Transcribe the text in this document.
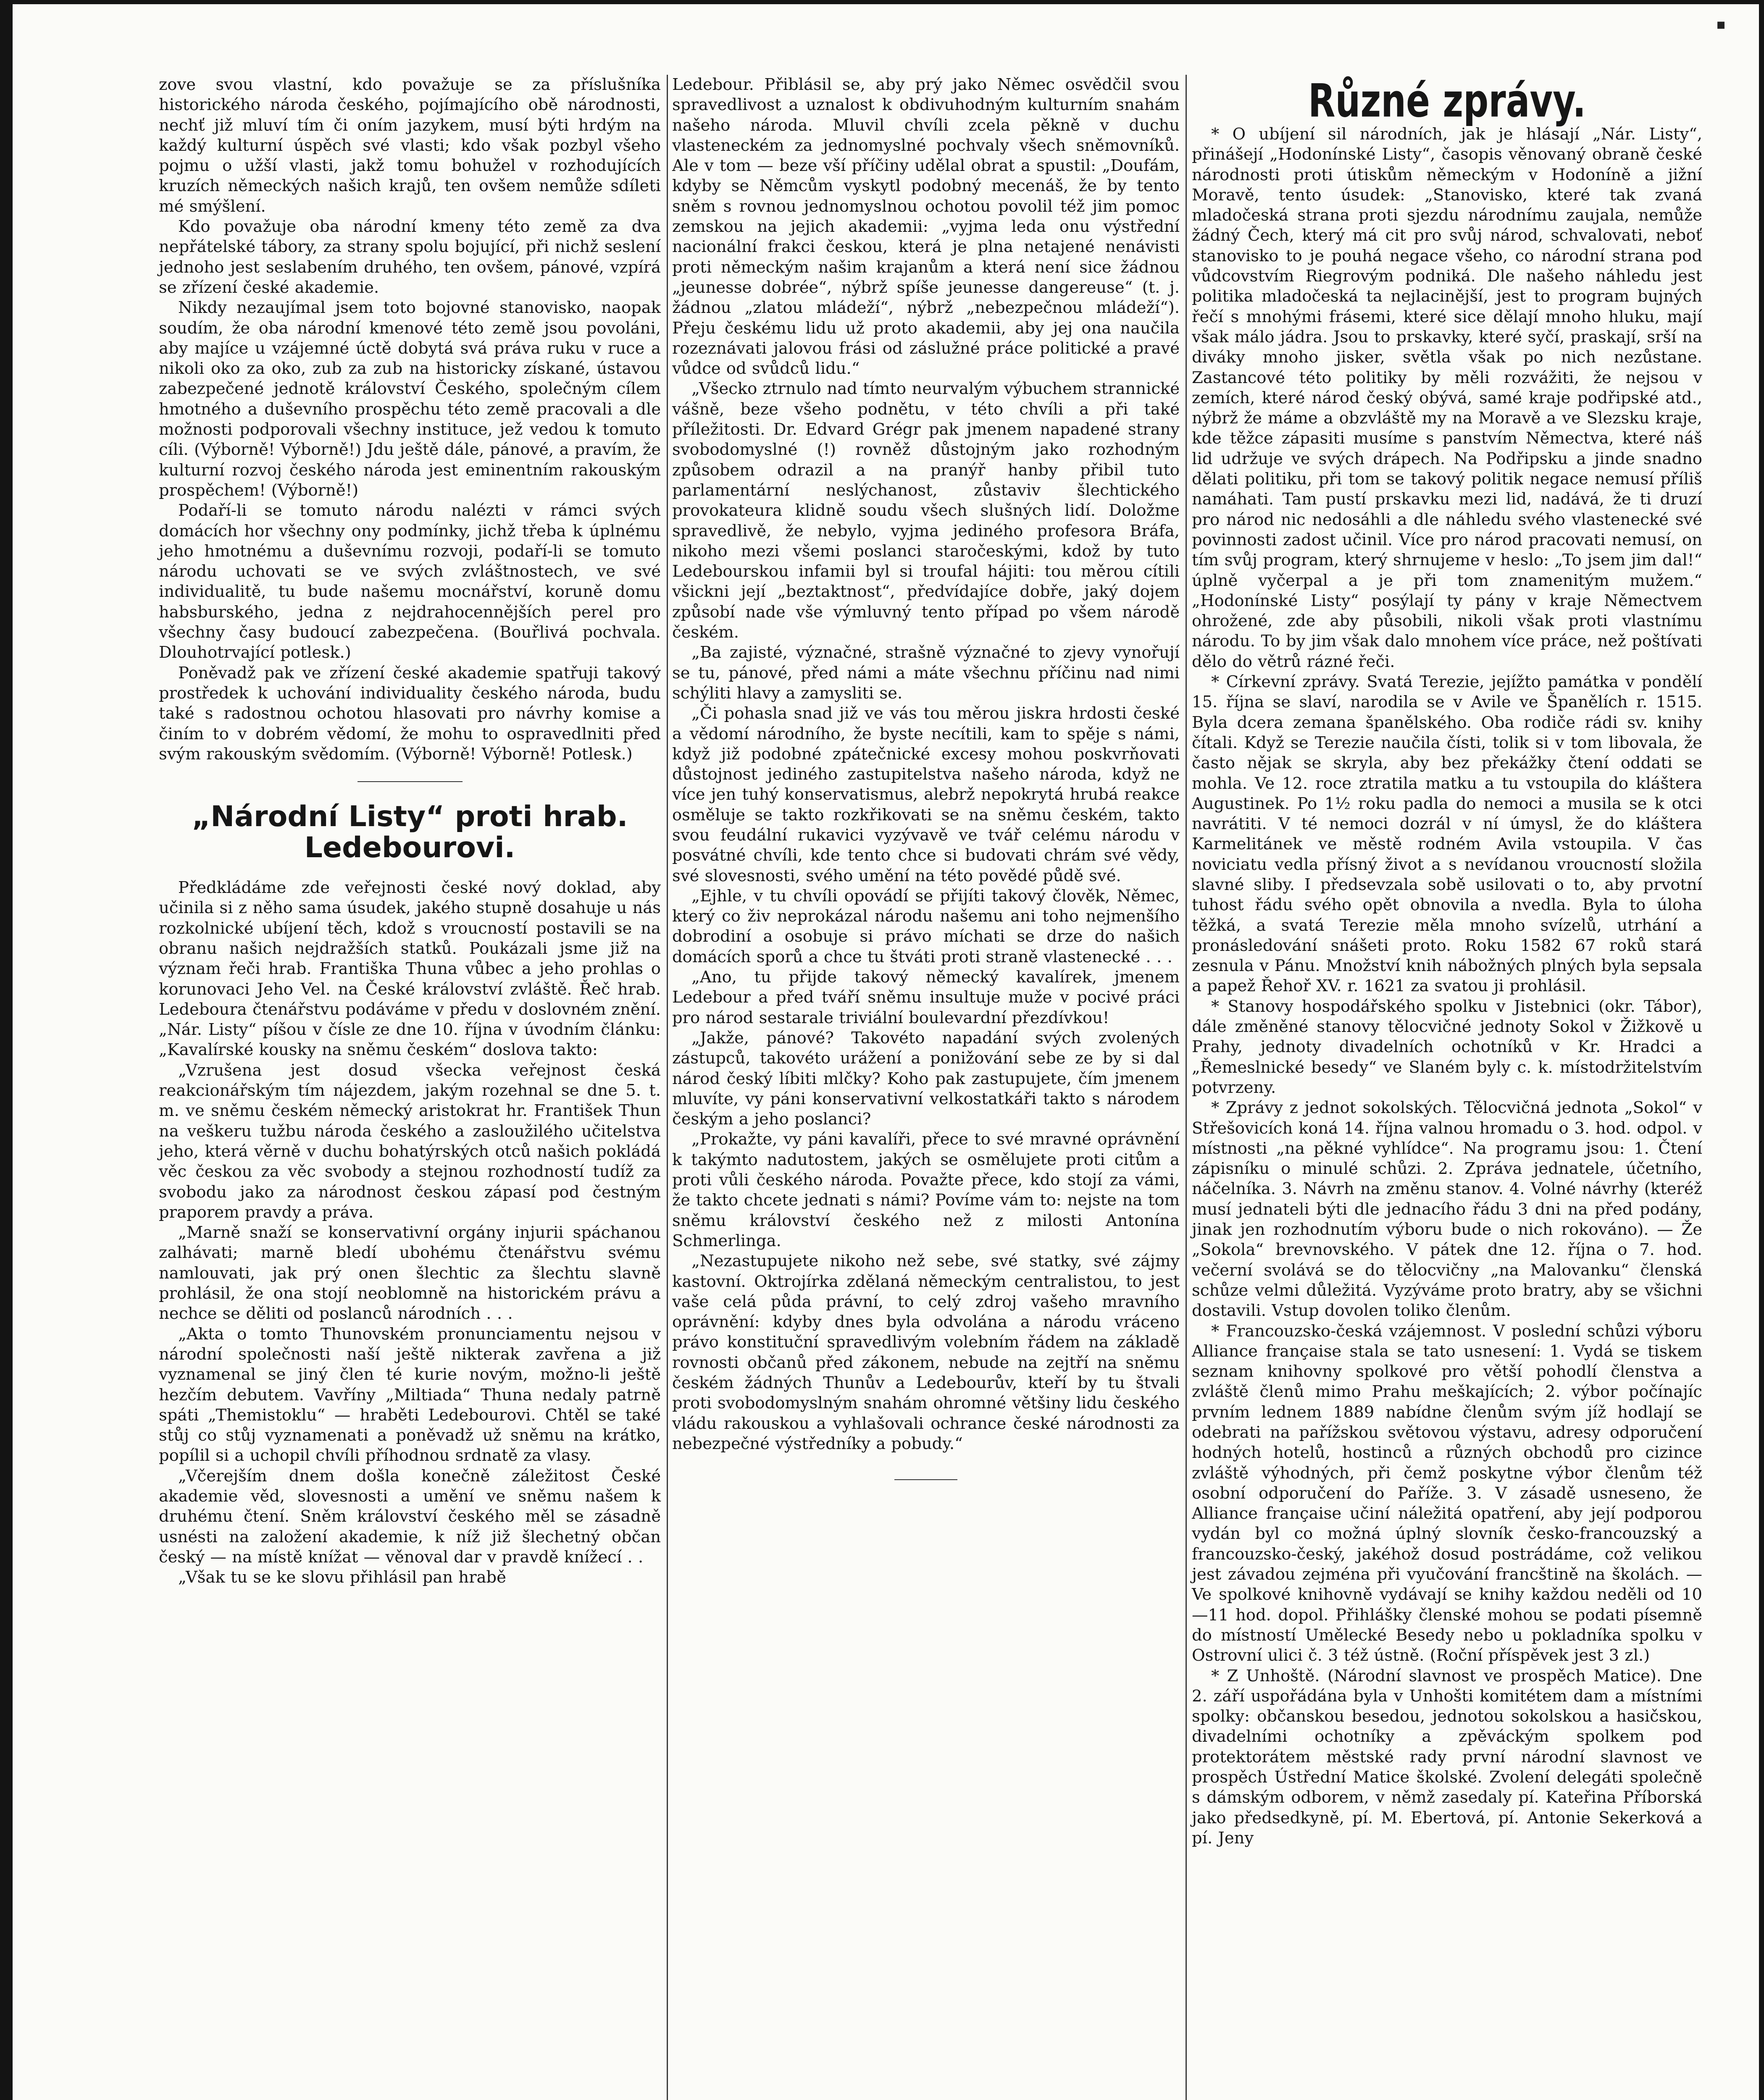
▪

zove svou vlastní, kdo považuje se za příslušníka historického národa českého, pojímajícího obě národnosti, nechť již mluví tím či oním jazykem, musí býti hrdým na každý kulturní úspěch své vlasti; kdo však pozbyl všeho pojmu o užší vlasti, jakž tomu bohužel v rozhodujících kruzích německých našich krajů, ten ovšem nemůže sdíleti mé smýšlení.

Kdo považuje oba národní kmeny této země za dva nepřátelské tábory, za strany spolu bojující, při nichž seslení jednoho jest seslabením druhého, ten ovšem, pánové, vzpírá se zřízení české akademie.

Nikdy nezaujímal jsem toto bojovné stanovisko, naopak soudím, že oba národní kmenové této země jsou povoláni, aby majíce u vzájemné úctě dobytá svá práva ruku v ruce a nikoli oko za oko, zub za zub na historicky získané, ústavou zabezpečené jednotě království Českého, společným cílem hmotného a duševního prospěchu této země pracovali a dle možnosti podporovali všechny instituce, jež vedou k tomuto cíli. (Výborně! Výborně!) Jdu ještě dále, pánové, a pravím, že kulturní rozvoj českého národa jest eminentním rakouským prospěchem! (Výborně!)

Podaří-li se tomuto národu nalézti v rámci svých domácích hor všechny ony podmínky, jichž třeba k úplnému jeho hmotnému a duševnímu rozvoji, podaří-li se tomuto národu uchovati se ve svých zvláštnostech, ve své individualitě, tu bude našemu mocnářství, koruně domu habsburského, jedna z nejdrahocennějších perel pro všechny časy budoucí zabezpečena. (Bouřlivá pochvala. Dlouhotrvající potlesk.)

Poněvadž pak ve zřízení české akademie spatřuji takový prostředek k uchování individuality českého národa, budu také s radostnou ochotou hlasovati pro návrhy komise a činím to v dobrém vědomí, že mohu to ospravedlniti před svým rakouským svědomím. (Výborně! Výborně! Potlesk.)

„Národní Listy“ proti hrab. Ledebourovi.

Předkládáme zde veřejnosti české nový doklad, aby učinila si z něho sama úsudek, jakého stupně dosahuje u nás rozkolnické ubíjení těch, kdož s vroucností postavili se na obranu našich nejdražších statků. Poukázali jsme již na význam řeči hrab. Františka Thuna vůbec a jeho prohlas o korunovaci Jeho Vel. na České království zvláště. Řeč hrab. Ledeboura čtenářstvu podáváme v předu v doslovném znění. „Nár. Listy“ píšou v čísle ze dne 10. října v úvodním článku: „Kavalírské kousky na sněmu českém“ doslova takto:

„Vzrušena jest dosud všecka veřejnost česká reakcionářským tím nájezdem, jakým rozehnal se dne 5. t. m. ve sněmu českém německý aristokrat hr. František Thun na veškeru tužbu národa českého a zasloužilého učitelstva jeho, která věrně v duchu bohatýrských otců našich pokládá věc českou za věc svobody a stejnou rozhodností tudíž za svobodu jako za národnost českou zápasí pod čestným praporem pravdy a práva.

„Marně snaží se konservativní orgány injurii spáchanou zalhávati; marně bledí ubohému čtenářstvu svému namlouvati, jak prý onen šlechtic za šlechtu slavně prohlásil, že ona stojí neoblomně na historickém právu a nechce se děliti od poslanců národních . . .

„Akta o tomto Thunovském pronunciamentu nejsou v národní společnosti naší ještě nikterak zavřena a již vyznamenal se jiný člen té kurie novým, možno-li ještě hezčím debutem. Vavříny „Miltiada“ Thuna nedaly patrně spáti „Themistoklu“ — hraběti Ledebourovi. Chtěl se také stůj co stůj vyznamenati a poněvadž už sněmu na krátko, popílil si a uchopil chvíli příhodnou srdnatě za vlasy.

„Včerejším dnem došla konečně záležitost České akademie věd, slovesnosti a umění ve sněmu našem k druhému čtení. Sněm království českého měl se zásadně usnésti na založení akademie, k níž již šlechetný občan český — na místě knížat — věnoval dar v pravdě knížecí . .

„Však tu se ke slovu přihlásil pan hrabě

Ledebour. Přiblásil se, aby prý jako Němec osvědčil svou spravedlivost a uznalost k obdivuhodným kulturním snahám našeho národa. Mluvil chvíli zcela pěkně v duchu vlasteneckém za jednomyslné pochvaly všech sněmovníků. Ale v tom — beze vší příčiny udělal obrat a spustil: „Doufám, kdyby se Němcům vyskytl podobný mecenáš, že by tento sněm s rovnou jednomyslnou ochotou povolil též jim pomoc zemskou na jejich akademii: „vyjma leda onu výstřední nacionální frakci českou, která je plna netajené nenávisti proti německým našim krajanům a která není sice žádnou „jeunesse dobrée“, nýbrž spíše jeunesse dangereuse“ (t. j. žádnou „zlatou mládeží“, nýbrž „nebezpečnou mládeží“). Přeju českému lidu už proto akademii, aby jej ona naučila rozeznávati jalovou frási od záslužné práce politické a pravé vůdce od svůdců lidu.“

„Všecko ztrnulo nad tímto neurvalým výbuchem strannické vášně, beze všeho podnětu, v této chvíli a při také příležitosti. Dr. Edvard Grégr pak jmenem napadené strany svobodomyslné (!) rovněž důstojným jako rozhodným způsobem odrazil a na pranýř hanby přibil tuto parlamentární neslýchanost, zůstaviv šlechtického provokateura klidně soudu všech slušných lidí. Doložme spravedlivě, že nebylo, vyjma jediného profesora Bráfa, nikoho mezi všemi poslanci staročeskými, kdož by tuto Ledebourskou infamii byl si troufal hájiti: tou měrou cítili všickni její „beztaktnost“, předvídajíce dobře, jaký dojem způsobí nade vše výmluvný tento případ po všem národě českém.

„Ba zajisté, význačné, strašně význačné to zjevy vynořují se tu, pánové, před námi a máte všechnu příčinu nad nimi schýliti hlavy a zamysliti se.

„Či pohasla snad již ve vás tou měrou jiskra hrdosti české a vědomí národního, že byste necítili, kam to spěje s námi, když již podobné zpátečnické excesy mohou poskvrňovati důstojnost jediného zastupitelstva našeho národa, když ne více jen tuhý konservatismus, alebrž nepokrytá hrubá reakce osměluje se takto rozkřikovati se na sněmu českém, takto svou feudální rukavici vyzývavě ve tvář celému národu v posvátné chvíli, kde tento chce si budovati chrám své vědy, své slovesnosti, svého umění na této povědé půdě své.

„Ejhle, v tu chvíli opovádí se přijíti takový člověk, Němec, který co živ neprokázal národu našemu ani toho nejmenšího dobrodiní a osobuje si právo míchati se drze do našich domácích sporů a chce tu štváti proti straně vlastenecké . . .

„Ano, tu přijde takový německý kavalírek, jmenem Ledebour a před tváří sněmu insultuje muže v pocivé práci pro národ sestarale triviální boulevardní přezdívkou!

„Jakže, pánové? Takovéto napadání svých zvolených zástupců, takovéto urážení a ponižování sebe ze by si dal národ český líbiti mlčky? Koho pak zastupujete, čím jmenem mluvíte, vy páni konservativní velkostatkáři takto s národem českým a jeho poslanci?

„Prokažte, vy páni kavalíři, přece to své mravné oprávnění k takýmto nadutostem, jakých se osmělujete proti citům a proti vůli českého národa. Považte přece, kdo stojí za vámi, že takto chcete jednati s námi? Povíme vám to: nejste na tom sněmu království českého než z milosti Antonína Schmerlinga.

„Nezastupujete nikoho než sebe, své statky, své zájmy kastovní. Oktrojírka zdělaná německým centralistou, to jest vaše celá půda právní, to celý zdroj vašeho mravního oprávnění: kdyby dnes byla odvolána a národu vráceno právo konstituční spravedlivým volebním řádem na základě rovnosti občanů před zákonem, nebude na zejtří na sněmu českém žádných Thunův a Ledebourův, kteří by tu štvali proti svobodomyslným snahám ohromné většiny lidu českého vládu rakouskou a vyhlašovali ochrance české národnosti za nebezpečné výstředníky a pobudy.“

Různé zprávy.

* O ubíjení sil národních, jak je hlásají „Nár. Listy“, přinášejí „Hodonínské Listy“, časopis věnovaný obraně české národnosti proti útiskům německým v Hodoníně a jižní Moravě, tento úsudek: „Stanovisko, které tak zvaná mladočeská strana proti sjezdu národnímu zaujala, nemůže žádný Čech, který má cit pro svůj národ, schvalovati, neboť stanovisko to je pouhá negace všeho, co národní strana pod vůdcovstvím Riegrovým podniká. Dle našeho náhledu jest politika mladočeská ta nejlacinější, jest to program bujných řečí s mnohými frásemi, které sice dělají mnoho hluku, mají však málo jádra. Jsou to prskavky, které syčí, praskají, srší na diváky mnoho jisker, světla však po nich nezůstane. Zastancové této politiky by měli rozvážiti, že nejsou v zemích, které národ český obývá, samé kraje podřipské atd., nýbrž že máme a obzvláště my na Moravě a ve Slezsku kraje, kde těžce zápasiti musíme s panstvím Němectva, které náš lid udržuje ve svých drápech. Na Podřipsku a jinde snadno dělati politiku, při tom se takový politik negace nemusí příliš namáhati. Tam pustí prskavku mezi lid, nadává, že ti druzí pro národ nic nedosáhli a dle náhledu svého vlastenecké své povinnosti zadost učinil. Více pro národ pracovati nemusí, on tím svůj program, který shrnujeme v heslo: „To jsem jim dal!“ úplně vyčerpal a je při tom znamenitým mužem.“ „Hodonínské Listy“ posýlají ty pány v kraje Němectvem ohrožené, zde aby působili, nikoli však proti vlastnímu národu. To by jim však dalo mnohem více práce, než poštívati dělo do větrů rázné řeči.

* Církevní zprávy. Svatá Terezie, jejížto památka v pondělí 15. října se slaví, narodila se v Avile ve Španělích r. 1515. Byla dcera zemana španělského. Oba rodiče rádi sv. knihy čítali. Když se Terezie naučila čísti, tolik si v tom libovala, že často nějak se skryla, aby bez překážky čtení oddati se mohla. Ve 12. roce ztratila matku a tu vstoupila do kláštera Augustinek. Po 1½ roku padla do nemoci a musila se k otci navrátiti. V té nemoci dozrál v ní úmysl, že do kláštera Karmelitánek ve městě rodném Avila vstoupila. V čas noviciatu vedla přísný život a s nevídanou vroucností složila slavné sliby. I předsevzala sobě usilovati o to, aby prvotní tuhost řádu svého opět obnovila a nvedla. Byla to úloha těžká, a svatá Terezie měla mnoho svízelů, utrhání a pronásledování snášeti proto. Roku 1582 67 roků stará zesnula v Pánu. Množství knih nábožných plných byla sepsala a papež Řehoř XV. r. 1621 za svatou ji prohlásil.

* Stanovy hospodářského spolku v Jistebnici (okr. Tábor), dále změněné stanovy tělocvičné jednoty Sokol v Žižkově u Prahy, jednoty divadelních ochotníků v Kr. Hradci a „Řemeslnické besedy“ ve Slaném byly c. k. místodržitelstvím potvrzeny.

* Zprávy z jednot sokolských. Tělocvičná jednota „Sokol“ v Střešovicích koná 14. října valnou hromadu o 3. hod. odpol. v místnosti „na pěkné vyhlídce“. Na programu jsou: 1. Čtení zápisníku o minulé schůzi. 2. Zpráva jednatele, účetního, náčelníka. 3. Návrh na změnu stanov. 4. Volné návrhy (kteréž musí jednateli býti dle jednacího řádu 3 dni na před podány, jinak jen rozhodnutím výboru bude o nich rokováno). — Že „Sokola“ brevnovského. V pátek dne 12. října o 7. hod. večerní svolává se do tělocvičny „na Malovanku“ členská schůze velmi důležitá. Vyzýváme proto bratry, aby se všichni dostavili. Vstup dovolen toliko členům.

* Francouzsko-česká vzájemnost. V poslední schůzi výboru Alliance française stala se tato usnesení: 1. Vydá se tiskem seznam knihovny spolkové pro větší pohodlí členstva a zvláště členů mimo Prahu meškajících; 2. výbor počínajíc prvním lednem 1889 nabídne členům svým jíž hodlají se odebrati na pařížskou světovou výstavu, adresy odporučení hodných hotelů, hostinců a různých obchodů pro cizince zvláště výhodných, při čemž poskytne výbor členům též osobní odporučení do Paříže. 3. V zásadě usneseno, že Alliance française učiní náležitá opatření, aby její podporou vydán byl co možná úplný slovník česko-francouzský a francouzsko-český, jakéhož dosud postrádáme, což velikou jest závadou zejména při vyučování francštině na školách. — Ve spolkové knihovně vydávají se knihy každou neděli od 10—11 hod. dopol. Přihlášky členské mohou se podati písemně do místností Umělecké Besedy nebo u pokladníka spolku v Ostrovní ulici č. 3 též ústně. (Roční příspěvek jest 3 zl.)

* Z Unhoště. (Národní slavnost ve prospěch Matice). Dne 2. září uspořádána byla v Unhošti komitétem dam a místními spolky: občanskou besedou, jednotou sokolskou a hasičskou, divadelními ochotníky a zpěváckým spolkem pod protektorátem městské rady první národní slavnost ve prospěch Ústřední Matice školské. Zvolení delegáti společně s dámským odborem, v němž zasedaly pí. Kateřina Příborská jako předsedkyně, pí. M. Ebertová, pí. Antonie Sekerková a pí. Jeny
